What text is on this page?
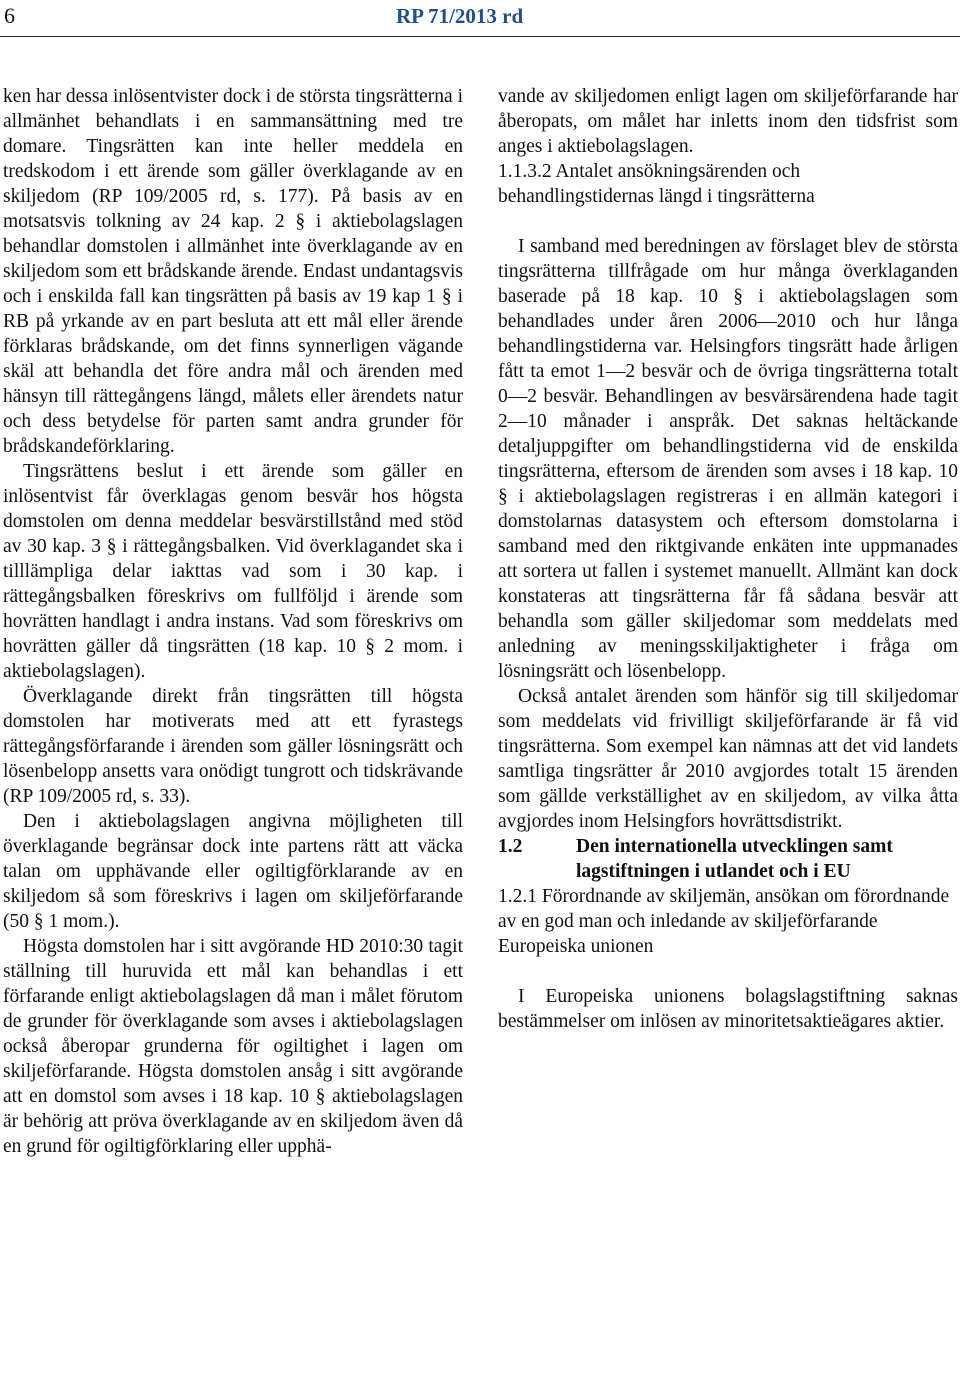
6	RP 71/2013 rd

ken har dessa inlösentvister dock i de största tingsrätterna i allmänhet behandlats i en sammansättning med tre domare. Tingsrätten kan inte heller meddela en tredskodom i ett ärende som gäller överklagande av en skiljedom (RP 109/2005 rd, s. 177). På basis av en motsatsvis tolkning av 24 kap. 2 § i aktiebolagslagen behandlar domstolen i allmänhet inte överklagande av en skiljedom som ett brådskande ärende. Endast undantagsvis och i enskilda fall kan tingsrätten på basis av 19 kap 1 § i RB på yrkande av en part besluta att ett mål eller ärende förklaras brådskande, om det finns synnerligen vägande skäl att behandla det före andra mål och ärenden med hänsyn till rättegångens längd, målets eller ärendets natur och dess betydelse för parten samt andra grunder för brådskandeförklaring.

Tingsrättens beslut i ett ärende som gäller en inlösentvist får överklagas genom besvär hos högsta domstolen om denna meddelar besvärstillstånd med stöd av 30 kap. 3 § i rättegångsbalken. Vid överklagandet ska i tilllämpliga delar iakttas vad som i 30 kap. i rättegångsbalken föreskrivs om fullföljd i ärende som hovrätten handlagt i andra instans. Vad som föreskrivs om hovrätten gäller då tingsrätten (18 kap. 10 § 2 mom. i aktiebolagslagen).

Överklagande direkt från tingsrätten till högsta domstolen har motiverats med att ett fyrastegs rättegångsförfarande i ärenden som gäller lösningsrätt och lösenbelopp ansetts vara onödigt tungrott och tidskrävande (RP 109/2005 rd, s. 33).

Den i aktiebolagslagen angivna möjligheten till överklagande begränsar dock inte partens rätt att väcka talan om upphävande eller ogiltigförklarande av en skiljedom så som föreskrivs i lagen om skiljeförfarande (50 § 1 mom.).

Högsta domstolen har i sitt avgörande HD 2010:30 tagit ställning till huruvida ett mål kan behandlas i ett förfarande enligt aktiebolagslagen då man i målet förutom de grunder för överklagande som avses i aktiebolagslagen också åberopar grunderna för ogiltighet i lagen om skiljeförfarande. Högsta domstolen ansåg i sitt avgörande att en domstol som avses i 18 kap. 10 § aktiebolagslagen är behörig att pröva överklagande av en skiljedom även då en grund för ogiltigförklaring eller upphä-

vande av skiljedomen enligt lagen om skiljeförfarande har åberopats, om målet har inletts inom den tidsfrist som anges i aktiebolagslagen.

1.1.3.2 Antalet ansökningsärenden och behandlingstidernas längd i tingsrätterna

I samband med beredningen av förslaget blev de största tingsrätterna tillfrågade om hur många överklaganden baserade på 18 kap. 10 § i aktiebolagslagen som behandlades under åren 2006—2010 och hur långa behandlingstiderna var. Helsingfors tingsrätt hade årligen fått ta emot 1—2 besvär och de övriga tingsrätterna totalt 0—2 besvär. Behandlingen av besvärsärendena hade tagit 2—10 månader i anspråk. Det saknas heltäckande detaljuppgifter om behandlingstiderna vid de enskilda tingsrätterna, eftersom de ärenden som avses i 18 kap. 10 § i aktiebolagslagen registreras i en allmän kategori i domstolarnas datasystem och eftersom domstolarna i samband med den riktgivande enkäten inte uppmanades att sortera ut fallen i systemet manuellt. Allmänt kan dock konstateras att tingsrätterna får få sådana besvär att behandla som gäller skiljedomar som meddelats med anledning av meningsskiljaktigheter i fråga om lösningsrätt och lösenbelopp.

Också antalet ärenden som hänför sig till skiljedomar som meddelats vid frivilligt skiljeförfarande är få vid tingsrätterna. Som exempel kan nämnas att det vid landets samtliga tingsrätter år 2010 avgjordes totalt 15 ärenden som gällde verkställighet av en skiljedom, av vilka åtta avgjordes inom Helsingfors hovrättsdistrikt.

1.2	Den internationella utvecklingen samt lagstiftningen i utlandet och i EU

1.2.1 Förordnande av skiljemän, ansökan om förordnande av en god man och inledande av skiljeförfarande

Europeiska unionen

I Europeiska unionens bolagslagstiftning saknas bestämmelser om inlösen av minoritetsaktieägares aktier.
